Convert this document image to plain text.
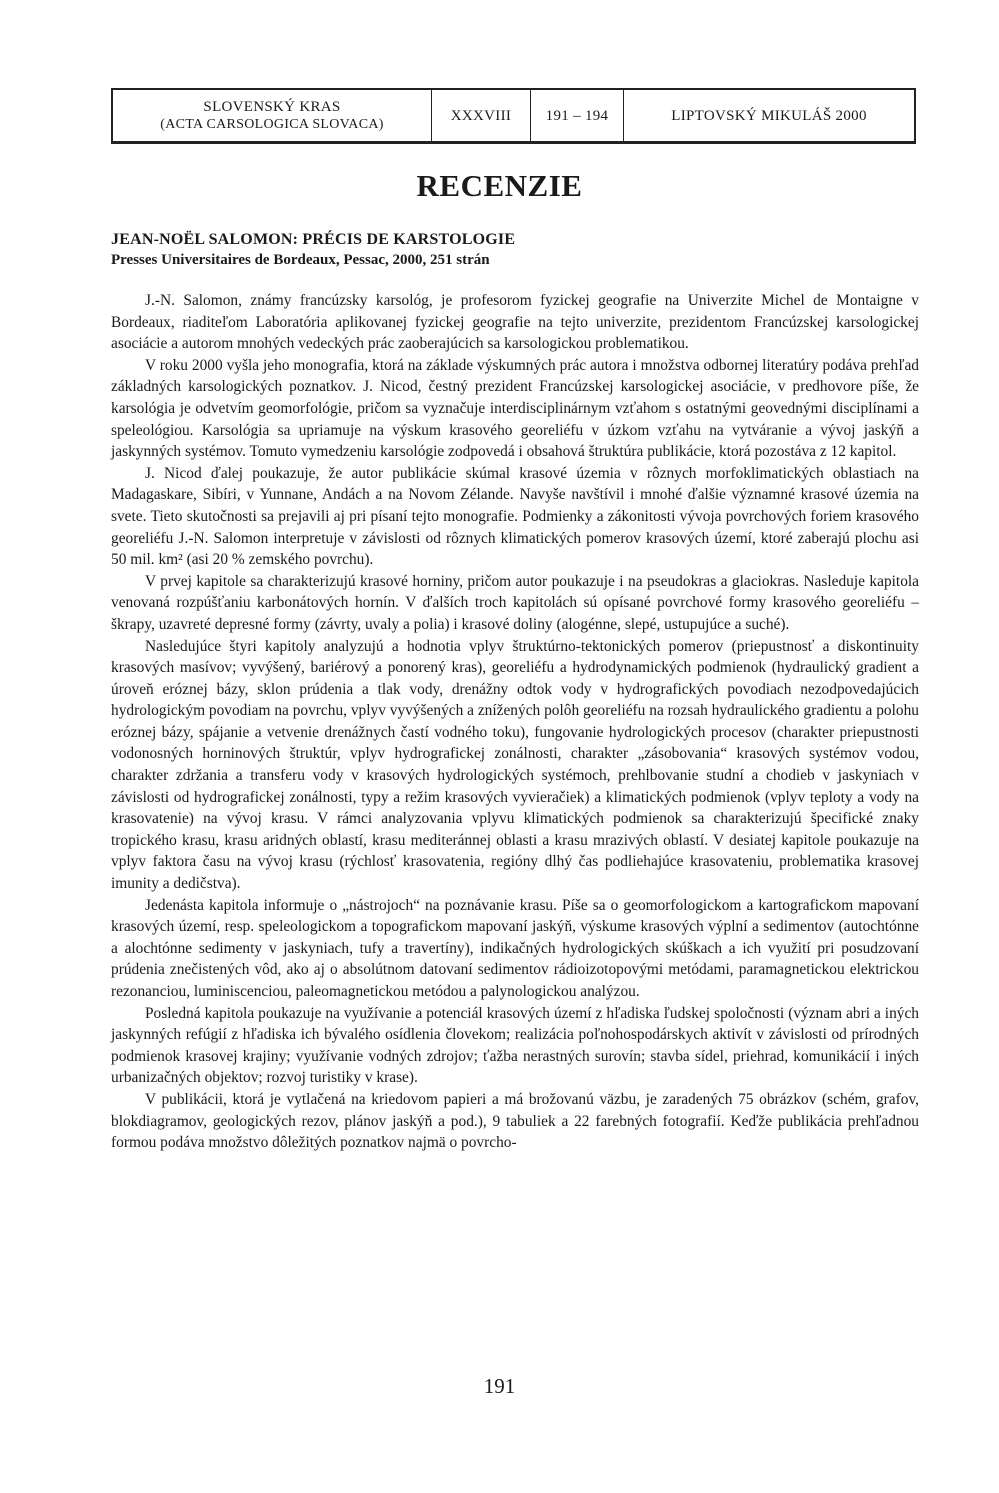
SLOVENSKÝ KRAS
(ACTA CARSOLOGICA SLOVACA)
XXXVIII 191 – 194	LIPTOVSKÝ MIKULÁŠ 2000
RECENZIE
JEAN-NOËL SALOMON: PRÉCIS DE KARSTOLOGIE
Presses Universitaires de Bordeaux, Pessac, 2000, 251 strán

J.-N. Salomon, známy francúzsky karsológ, je profesorom fyzickej geografie na Univerzite Michel de Montaigne v Bordeaux, riaditeľom Laboratória aplikovanej fyzickej geografie na tejto univerzite, prezidentom Francúzskej karsologickej asociácie a autorom mnohých vedeckých prác zaoberajúcich sa karsologickou problematikou.

V roku 2000 vyšla jeho monografia, ktorá na základe výskumných prác autora i množstva odbornej literatúry podáva prehľad základných karsologických poznatkov. J. Nicod, čestný prezident Francúzskej karsologickej asociácie, v predhovore píše, že karsológia je odvetvím geomorfológie, pričom sa vyznačuje interdisciplinárnym vzťahom s ostatnými geovednými disciplínami a speleológiou. Karsológia sa upriamuje na výskum krasového georeliéfu v úzkom vzťahu na vytváranie a vývoj jaskýň a jaskynných systémov. Tomuto vymedzeniu karsológie zodpovedá i obsahová štruktúra publikácie, ktorá pozostáva z 12 kapitol.

J. Nicod ďalej poukazuje, že autor publikácie skúmal krasové územia v rôznych morfoklimatických oblastiach na Madagaskare, Sibíri, v Yunnane, Andách a na Novom Zélande. Navyše navštívil i mnohé ďalšie významné krasové územia na svete. Tieto skutočnosti sa prejavili aj pri písaní tejto monografie. Podmienky a zákonitosti vývoja povrchových foriem krasového georeliéfu J.-N. Salomon interpretuje v závislosti od rôznych klimatických pomerov krasových území, ktoré zaberajú plochu asi 50 mil. km² (asi 20 % zemského povrchu).

V prvej kapitole sa charakterizujú krasové horniny, pričom autor poukazuje i na pseudokras a glaciokras. Nasleduje kapitola venovaná rozpúšťaniu karbonátových hornín. V ďalších troch kapitolách sú opísané povrchové formy krasového georeliéfu – škrapy, uzavreté depresné formy (závrty, uvaly a polia) i krasové doliny (alogénne, slepé, ustupujúce a suché).

Nasledujúce štyri kapitoly analyzujú a hodnotia vplyv štruktúrno-tektonických pomerov (priepustnosť a diskontinuity krasových masívov; vyvýšený, bariérový a ponorený kras), georeliéfu a hydrodynamických podmienok (hydraulický gradient a úroveň eróznej bázy, sklon prúdenia a tlak vody, drenážny odtok vody v hydrografických povodiach nezodpovedajúcich hydrologickým povodiam na povrchu, vplyv vyvýšených a znížených polôh georeliéfu na rozsah hydraulického gradientu a polohu eróznej bázy, spájanie a vetvenie drenážnych častí vodného toku), fungovanie hydrologických procesov (charakter priepustnosti vodonosných horninových štruktúr, vplyv hydrografickej zonálnosti, charakter „zásobovania“ krasových systémov vodou, charakter zdržania a transferu vody v krasových hydrologických systémoch, prehlbovanie studní a chodieb v jaskyniach v závislosti od hydrografickej zonálnosti, typy a režim krasových vyvieračiek) a klimatických podmienok (vplyv teploty a vody na krasovatenie) na vývoj krasu. V rámci analyzovania vplyvu klimatických podmienok sa charakterizujú špecifické znaky tropického krasu, krasu aridných oblastí, krasu mediteránnej oblasti a krasu mrazivých oblastí. V desiatej kapitole poukazuje na vplyv faktora času na vývoj krasu (rýchlosť krasovatenia, regióny dlhý čas podliehajúce krasovateniu, problematika krasovej imunity a dedičstva).

Jedenásta kapitola informuje o „nástrojoch“ na poznávanie krasu. Píše sa o geomorfologickom a kartografickom mapovaní krasových území, resp. speleologickom a topografickom mapovaní jaskýň, výskume krasových výplní a sedimentov (autochtónne a alochtónne sedimenty v jaskyniach, tufy a travertíny), indikačných hydrologických skúškach a ich využití pri posudzovaní prúdenia znečistených vôd, ako aj o absolútnom datovaní sedimentov rádioizotopovými metódami, paramagnetickou elektrickou rezonanciou, luminiscenciou, paleomagnetickou metódou a palynologickou analýzou.

Posledná kapitola poukazuje na využívanie a potenciál krasových území z hľadiska ľudskej spoločnosti (význam abri a iných jaskynných refúgií z hľadiska ich bývalého osídlenia človekom; realizácia poľnohospodárskych aktivít v závislosti od prírodných podmienok krasovej krajiny; využívanie vodných zdrojov; ťažba nerastných surovín; stavba sídel, priehrad, komunikácií i iných urbanizačných objektov; rozvoj turistiky v krase).

V publikácii, ktorá je vytlačená na kriedovom papieri a má brožovanú väzbu, je zaradených 75 obrázkov (schém, grafov, blokdiagramov, geologických rezov, plánov jaskýň a pod.), 9 tabuliek a 22 farebných fotografií. Keďže publikácia prehľadnou formou podáva množstvo dôležitých poznatkov najmä o povrcho-

191
